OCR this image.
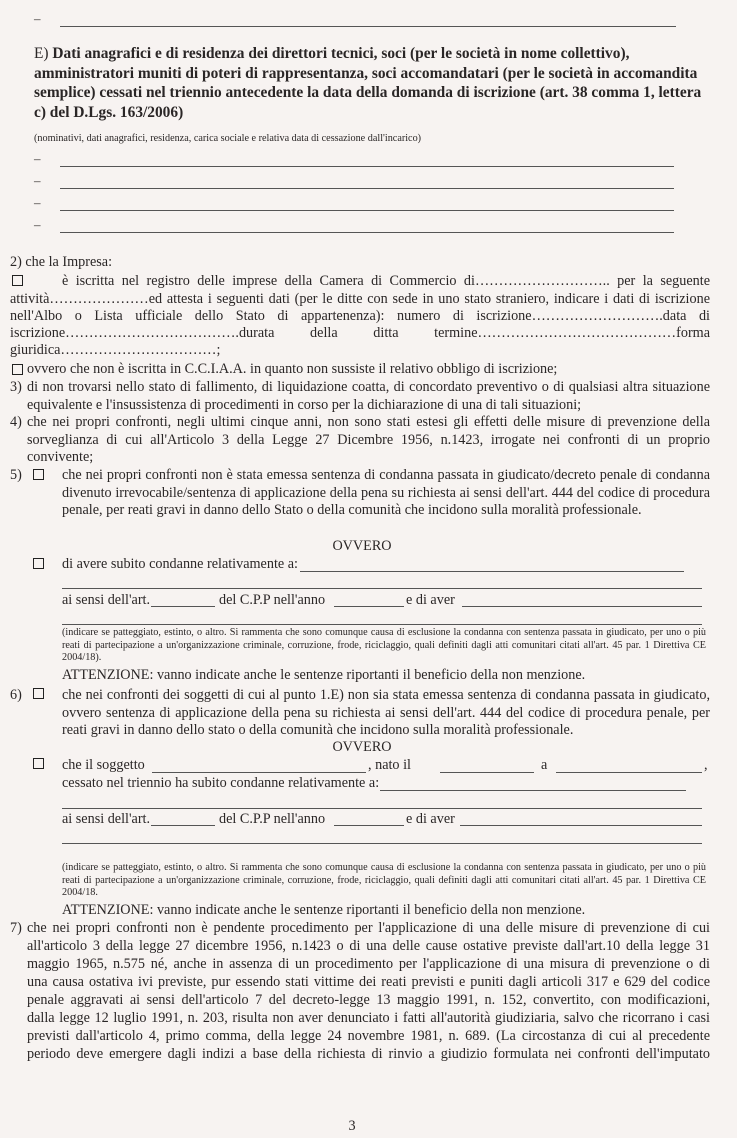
–
E) Dati anagrafici e di residenza dei direttori tecnici, soci (per le società in nome collettivo), amministratori muniti di poteri di rappresentanza, soci accomandatari (per le società in accomandita semplice) cessati nel triennio antecedente la data della domanda di iscrizione (art. 38 comma 1, lettera c) del D.Lgs. 163/2006)
(nominativi, dati anagrafici, residenza, carica sociale e relativa data di cessazione dall'incarico)
–
–
–
–
2) che la Impresa:
è iscritta nel registro delle imprese della Camera di Commercio di……………………….. per la seguente
attività…………………ed attesta i seguenti dati (per le ditte con sede in uno stato straniero, indicare i dati di iscrizione
nell'Albo o Lista ufficiale dello Stato di appartenenza): numero di iscrizione……………………….data di
iscrizione……………………………….durata della ditta termine……………………………………forma
giuridica……………………………;
ovvero che non è iscritta in C.C.I.A.A. in quanto non sussiste il relativo obbligo di iscrizione;
3) di non trovarsi nello stato di fallimento, di liquidazione coatta, di concordato preventivo o di qualsiasi altra situazione equivalente e l'insussistenza di procedimenti in corso per la dichiarazione di una di tali situazioni;
4) che nei propri confronti, negli ultimi cinque anni, non sono stati estesi gli effetti delle misure di prevenzione della sorveglianza di cui all'Articolo 3 della Legge 27 Dicembre 1956, n.1423, irrogate nei confronti di un proprio convivente;
5)	che nei propri confronti non è stata emessa sentenza di condanna passata in giudicato/decreto penale di condanna divenuto irrevocabile/sentenza di applicazione della pena su richiesta ai sensi dell'art. 444 del codice di procedura penale, per reati gravi in danno dello Stato o della comunità che incidono sulla moralità professionale.
OVVERO
di avere subito condanne relativamente a:
ai sensi dell'art.	del C.P.P nell'anno	e di aver
(indicare se patteggiato, estinto, o altro. Si rammenta che sono comunque causa di esclusione la condanna con sentenza passata in giudicato, per uno o più reati di partecipazione a un'organizzazione criminale, corruzione, frode, riciclaggio, quali definiti dagli atti comunitari citati all'art. 45 par. 1 Direttiva CE 2004/18).
ATTENZIONE: vanno indicate anche le sentenze riportanti il beneficio della non menzione.
6)	che nei confronti dei soggetti di cui al punto 1.E) non sia stata emessa sentenza di condanna passata in giudicato, ovvero sentenza di applicazione della pena su richiesta ai sensi dell'art. 444 del codice di procedura penale, per reati gravi in danno dello stato o della comunità che incidono sulla moralità professionale.
OVVERO
che il soggetto	, nato il	a	,
cessato nel triennio ha subito condanne relativamente a:
ai sensi dell'art.	del C.P.P nell'anno	e di aver
(indicare se patteggiato, estinto, o altro. Si rammenta che sono comunque causa di esclusione la condanna con sentenza passata in giudicato, per uno o più reati di partecipazione a un'organizzazione criminale, corruzione, frode, riciclaggio, quali definiti dagli atti comunitari citati all'art. 45 par. 1 Direttiva CE 2004/18.
ATTENZIONE: vanno indicate anche le sentenze riportanti il beneficio della non menzione.
7) che nei propri confronti non è pendente procedimento per l'applicazione di una delle misure di prevenzione di cui
all'articolo 3 della legge 27 dicembre 1956, n.1423 o di una delle cause ostative previste dall'art.10 della legge 31
maggio 1965, n.575 né, anche in assenza di un procedimento per l'applicazione di una misura di prevenzione o di
una causa ostativa ivi previste, pur essendo stati vittime dei reati previsti e puniti dagli articoli 317 e 629 del codice
penale aggravati ai sensi dell'articolo 7 del decreto-legge 13 maggio 1991, n. 152, convertito, con modificazioni,
dalla legge 12 luglio 1991, n. 203, risulta non aver denunciato i fatti all'autorità giudiziaria, salvo che ricorrano i casi
previsti dall'articolo 4, primo comma, della legge 24 novembre 1981, n. 689. (La circostanza di cui al precedente
periodo deve emergere dagli indizi a base della richiesta di rinvio a giudizio formulata nei confronti dell'imputato
3
